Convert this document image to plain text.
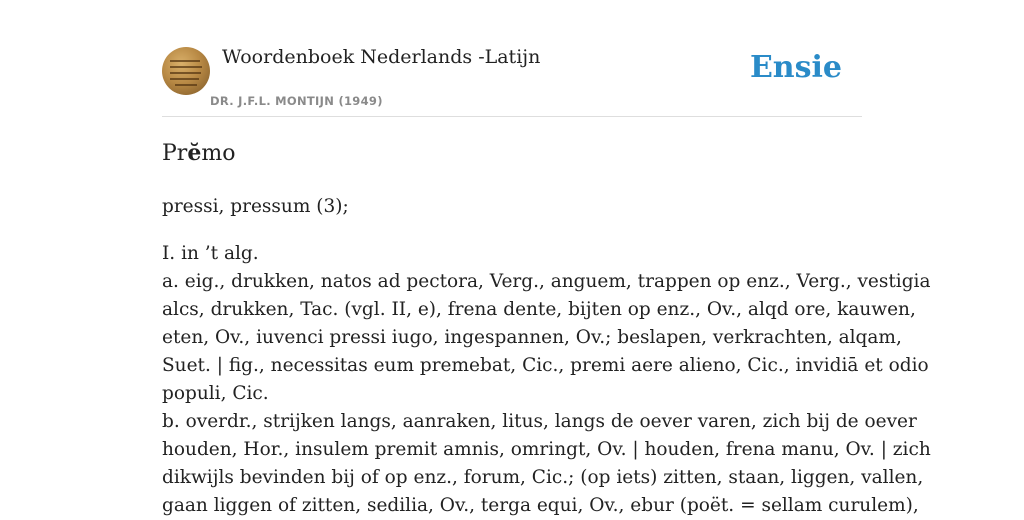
Woordenboek Nederlands -Latijn
DR. J.F.L. MONTIJN (1949)
Ensie
Prĕmo

pressi, pressum (3);

I. in ’t alg.
a. eig., drukken, natos ad pectora, Verg., anguem, trappen op enz., Verg., vestigia
alcs, drukken, Tac. (vgl. II, e), frena dente, bijten op enz., Ov., alqd ore, kauwen,
eten, Ov., iuvenci pressi iugo, ingespannen, Ov.; beslapen, verkrachten, alqam,
Suet. | fig., necessitas eum premebat, Cic., premi aere alieno, Cic., invidiā et odio
populi, Cic.
b. overdr., strijken langs, aanraken, litus, langs de oever varen, zich bij de oever
houden, Hor., insulem premit amnis, omringt, Ov. | houden, frena manu, Ov. | zich
dikwijls bevinden bij of op enz., forum, Cic.; (op iets) zitten, staan, liggen, vallen,
gaan liggen of zitten, sedilia, Ov., terga equi, Ov., ebur (poët. = sellam curulem),
